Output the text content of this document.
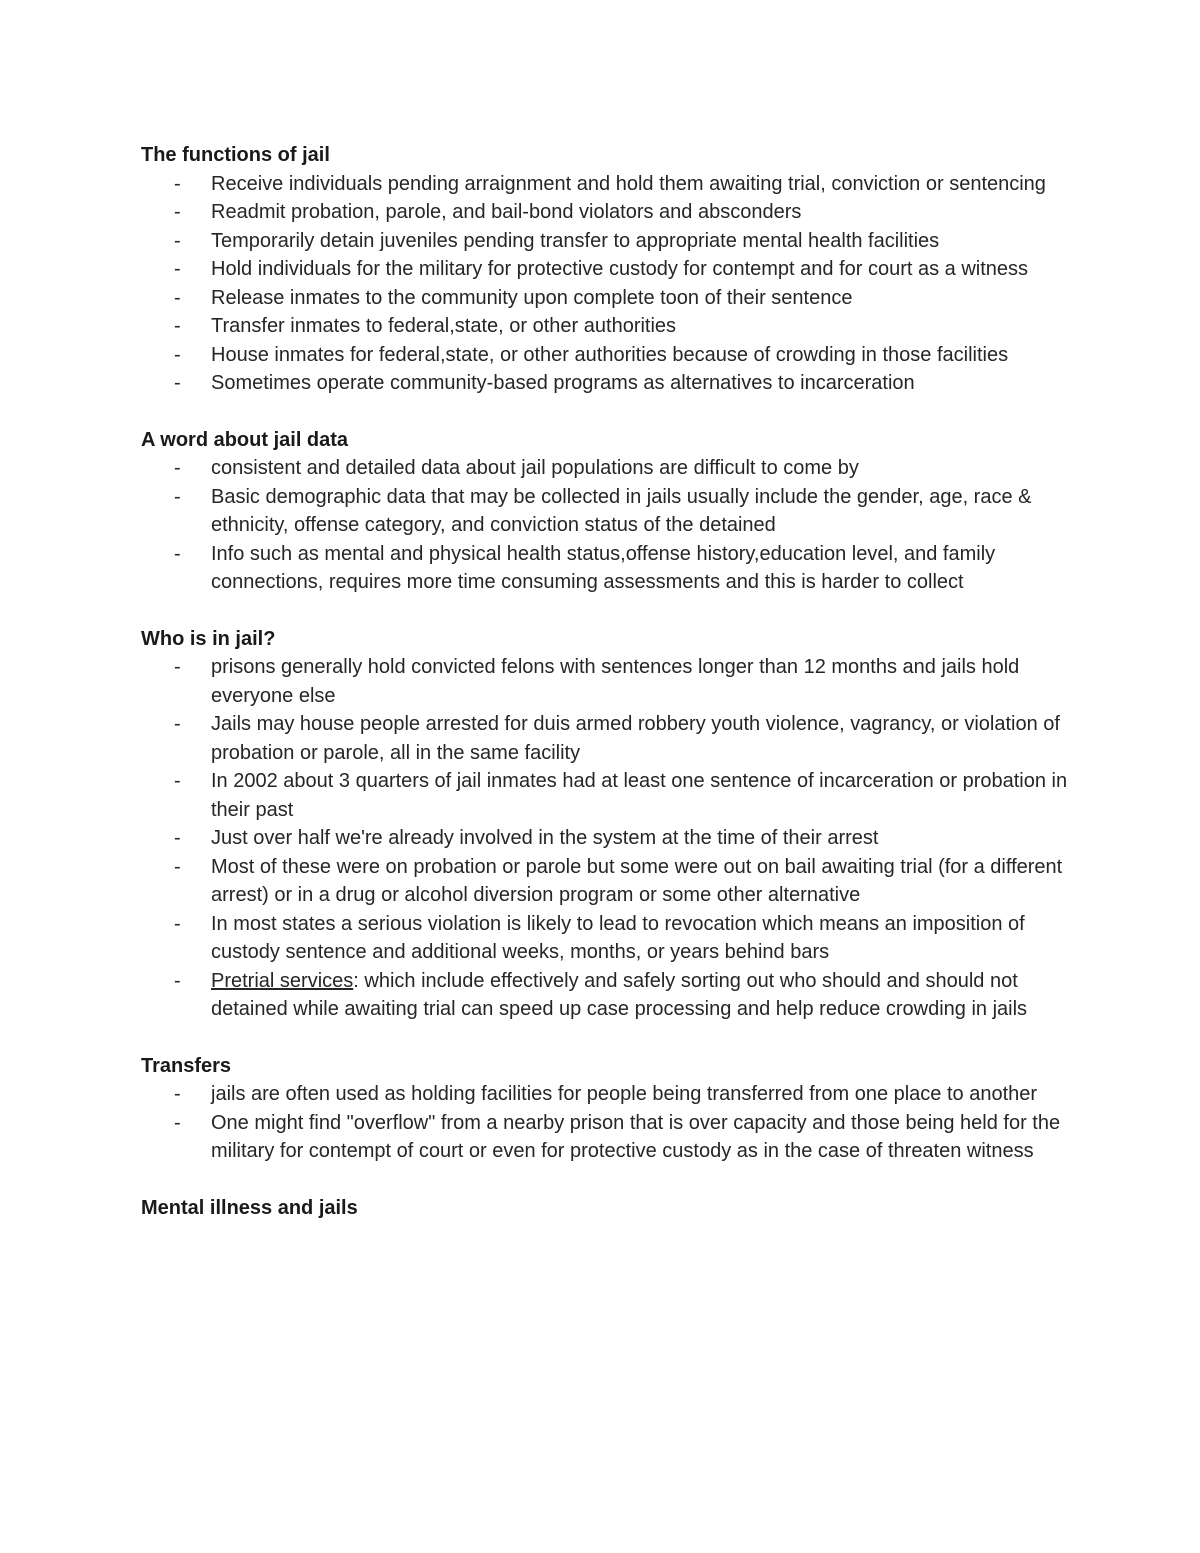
The functions of jail

- Receive individuals pending arraignment and hold them awaiting trial, conviction or sentencing
- Readmit probation, parole, and bail-bond violators and absconders
- Temporarily detain juveniles pending transfer to appropriate mental health facilities
- Hold individuals for the military for protective custody for contempt and for court as a witness
- Release inmates to the community upon complete toon of their sentence
- Transfer inmates to federal,state, or other authorities
- House inmates for federal,state, or other authorities because of crowding in those facilities
- Sometimes operate community-based programs as alternatives to incarceration

A word about jail data

- consistent and detailed data about jail populations are difficult to come by
- Basic demographic data that may be collected in jails usually include the gender, age, race & ethnicity, offense category, and conviction status of the detained
- Info such as mental and physical health status,offense history,education level, and family connections, requires more time consuming assessments and this is harder to collect

Who is in jail?

- prisons generally hold convicted felons with sentences longer than 12 months and jails hold everyone else
- Jails may house people arrested for duis armed robbery youth violence, vagrancy, or violation of probation or parole, all in the same facility
- In 2002 about 3 quarters of jail inmates had at least one sentence of incarceration or probation in their past
- Just over half we're already involved in the system at the time of their arrest
- Most of these were on probation or parole but some were out on bail awaiting trial (for a different arrest) or in a drug or alcohol diversion program or some other alternative
- In most states a serious violation is likely to lead to revocation which means an imposition of custody sentence and additional weeks, months, or years behind bars
- Pretrial services: which include effectively and safely sorting out who should and should not detained while awaiting trial can speed up case processing and help reduce crowding in jails

Transfers

- jails are often used as holding facilities for people being transferred from one place to another
- One might find "overflow" from a nearby prison that is over capacity and those being held for the military for contempt of court or even for protective custody as in the case of threaten witness

Mental illness and jails
